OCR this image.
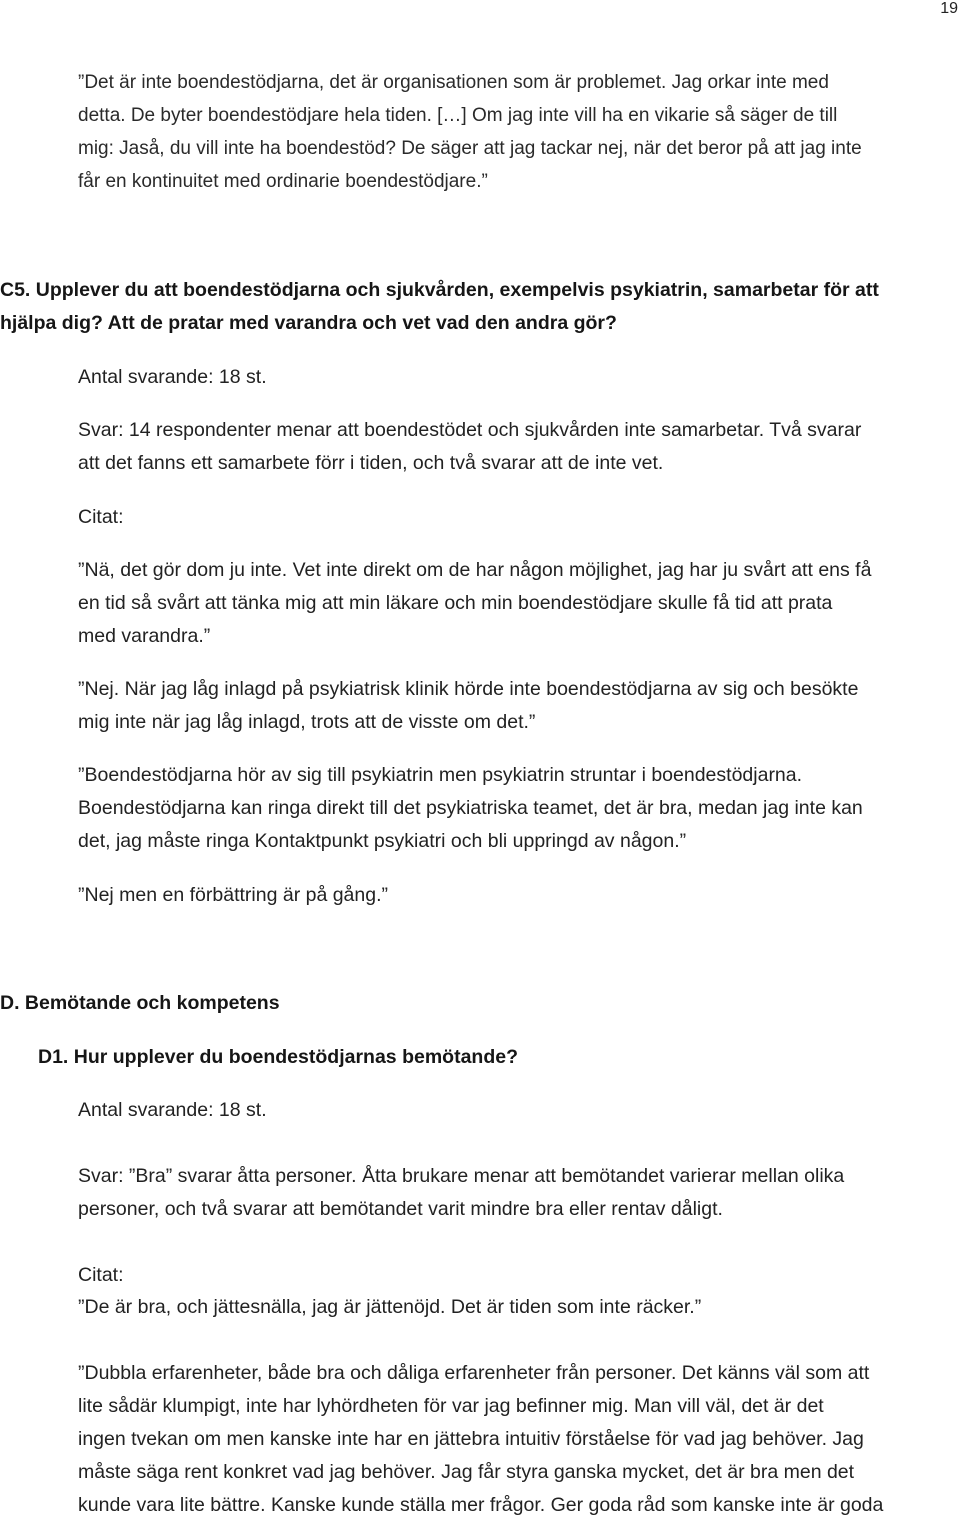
19
”Det är inte boendestödjarna, det är organisationen som är problemet. Jag orkar inte med
detta. De byter boendestödjare hela tiden. […] Om jag inte vill ha en vikarie så säger de till
mig: Jaså, du vill inte ha boendestöd? De säger att jag tackar nej, när det beror på att jag inte
får en kontinuitet med ordinarie boendestödjare.”
C5. Upplever du att boendestödjarna och sjukvården, exempelvis psykiatrin, samarbetar för att
hjälpa dig? Att de pratar med varandra och vet vad den andra gör?
Antal svarande: 18 st.
Svar: 14 respondenter menar att boendestödet och sjukvården inte samarbetar. Två svarar
att det fanns ett samarbete förr i tiden, och två svarar att de inte vet.
Citat:
”Nä, det gör dom ju inte. Vet inte direkt om de har någon möjlighet, jag har ju svårt att ens få
en tid så svårt att tänka mig att min läkare och min boendestödjare skulle få tid att prata
med varandra.”
”Nej. När jag låg inlagd på psykiatrisk klinik hörde inte boendestödjarna av sig och besökte
mig inte när jag låg inlagd, trots att de visste om det.”
”Boendestödjarna hör av sig till psykiatrin men psykiatrin struntar i boendestödjarna.
Boendestödjarna kan ringa direkt till det psykiatriska teamet, det är bra, medan jag inte kan
det, jag måste ringa Kontaktpunkt psykiatri och bli uppringd av någon.”
”Nej men en förbättring är på gång.”
D. Bemötande och kompetens
D1. Hur upplever du boendestödjarnas bemötande?
Antal svarande: 18 st.
Svar: ”Bra” svarar åtta personer. Åtta brukare menar att bemötandet varierar mellan olika
personer, och två svarar att bemötandet varit mindre bra eller rentav dåligt.
Citat:
”De är bra, och jättesnälla, jag är jättenöjd. Det är tiden som inte räcker.”
”Dubbla erfarenheter, både bra och dåliga erfarenheter från personer. Det känns väl som att
lite sådär klumpigt, inte har lyhördheten för var jag befinner mig. Man vill väl, det är det
ingen tvekan om men kanske inte har en jättebra intuitiv förståelse för vad jag behöver. Jag
måste säga rent konkret vad jag behöver. Jag får styra ganska mycket, det är bra men det
kunde vara lite bättre. Kanske kunde ställa mer frågor. Ger goda råd som kanske inte är goda
